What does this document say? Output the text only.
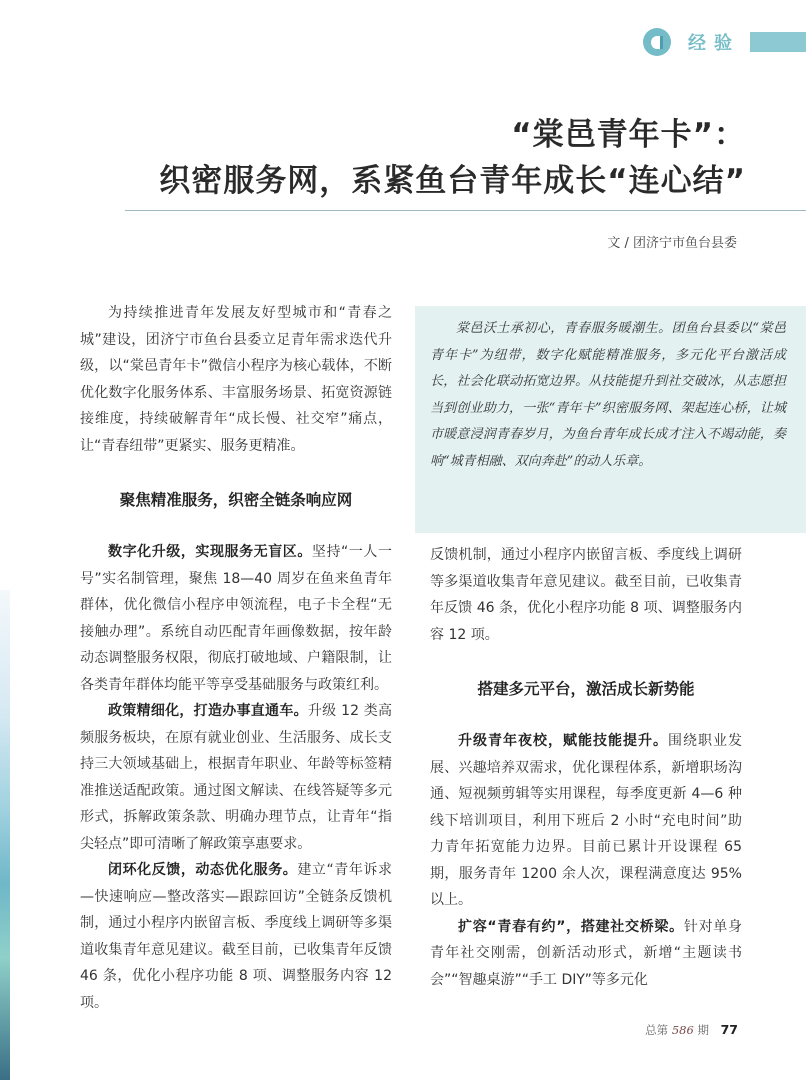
经验
“棠邑青年卡”：
织密服务网，系紧鱼台青年成长“连心结”
文 / 团济宁市鱼台县委

棠邑沃土承初心，青春服务暖潮生。团鱼台县委以“棠邑青年卡”为纽带，数字化赋能精准服务，多元化平台激活成长，社会化联动拓宽边界。从技能提升到社交破冰，从志愿担当到创业助力，一张“青年卡”织密服务网、架起连心桥，让城市暖意浸润青春岁月，为鱼台青年成长成才注入不竭动能，奏响“城青相融、双向奔赴”的动人乐章。

为持续推进青年发展友好型城市和“青春之城”建设，团济宁市鱼台县委立足青年需求迭代升级，以“棠邑青年卡”微信小程序为核心载体，不断优化数字化服务体系、丰富服务场景、拓宽资源链接维度，持续破解青年“成长慢、社交窄”痛点，让“青春纽带”更紧实、服务更精准。

聚焦精准服务，织密全链条响应网

数字化升级，实现服务无盲区。坚持“一人一号”实名制管理，聚焦 18—40 周岁在鱼来鱼青年群体，优化微信小程序申领流程，电子卡全程“无接触办理”。系统自动匹配青年画像数据，按年龄动态调整服务权限，彻底打破地域、户籍限制，让各类青年群体均能平等享受基础服务与政策红利。

政策精细化，打造办事直通车。升级 12 类高频服务板块，在原有就业创业、生活服务、成长支持三大领域基础上，根据青年职业、年龄等标签精准推送适配政策。通过图文解读、在线答疑等多元形式，拆解政策条款、明确办理节点，让青年“指尖轻点”即可清晰了解政策享惠要求。

闭环化反馈，动态优化服务。建立“青年诉求—快速响应—整改落实—跟踪回访”全链条反馈机制，通过小程序内嵌留言板、季度线上调研等多渠道收集青年意见建议。截至目前，已收集青年反馈 46 条，优化小程序功能 8 项、调整服务内容 12 项。

反馈机制，通过小程序内嵌留言板、季度线上调研等多渠道收集青年意见建议。截至目前，已收集青年反馈 46 条，优化小程序功能 8 项、调整服务内容 12 项。

搭建多元平台，激活成长新势能

升级青年夜校，赋能技能提升。围绕职业发展、兴趣培养双需求，优化课程体系，新增职场沟通、短视频剪辑等实用课程，每季度更新 4—6 种线下培训项目，利用下班后 2 小时“充电时间”助力青年拓宽能力边界。目前已累计开设课程 65 期，服务青年 1200 余人次，课程满意度达 95% 以上。

扩容“青春有约”，搭建社交桥梁。针对单身青年社交刚需，创新活动形式，新增“主题读书会”“智趣桌游”“手工 DIY”等多元化

总第 586 期 77
